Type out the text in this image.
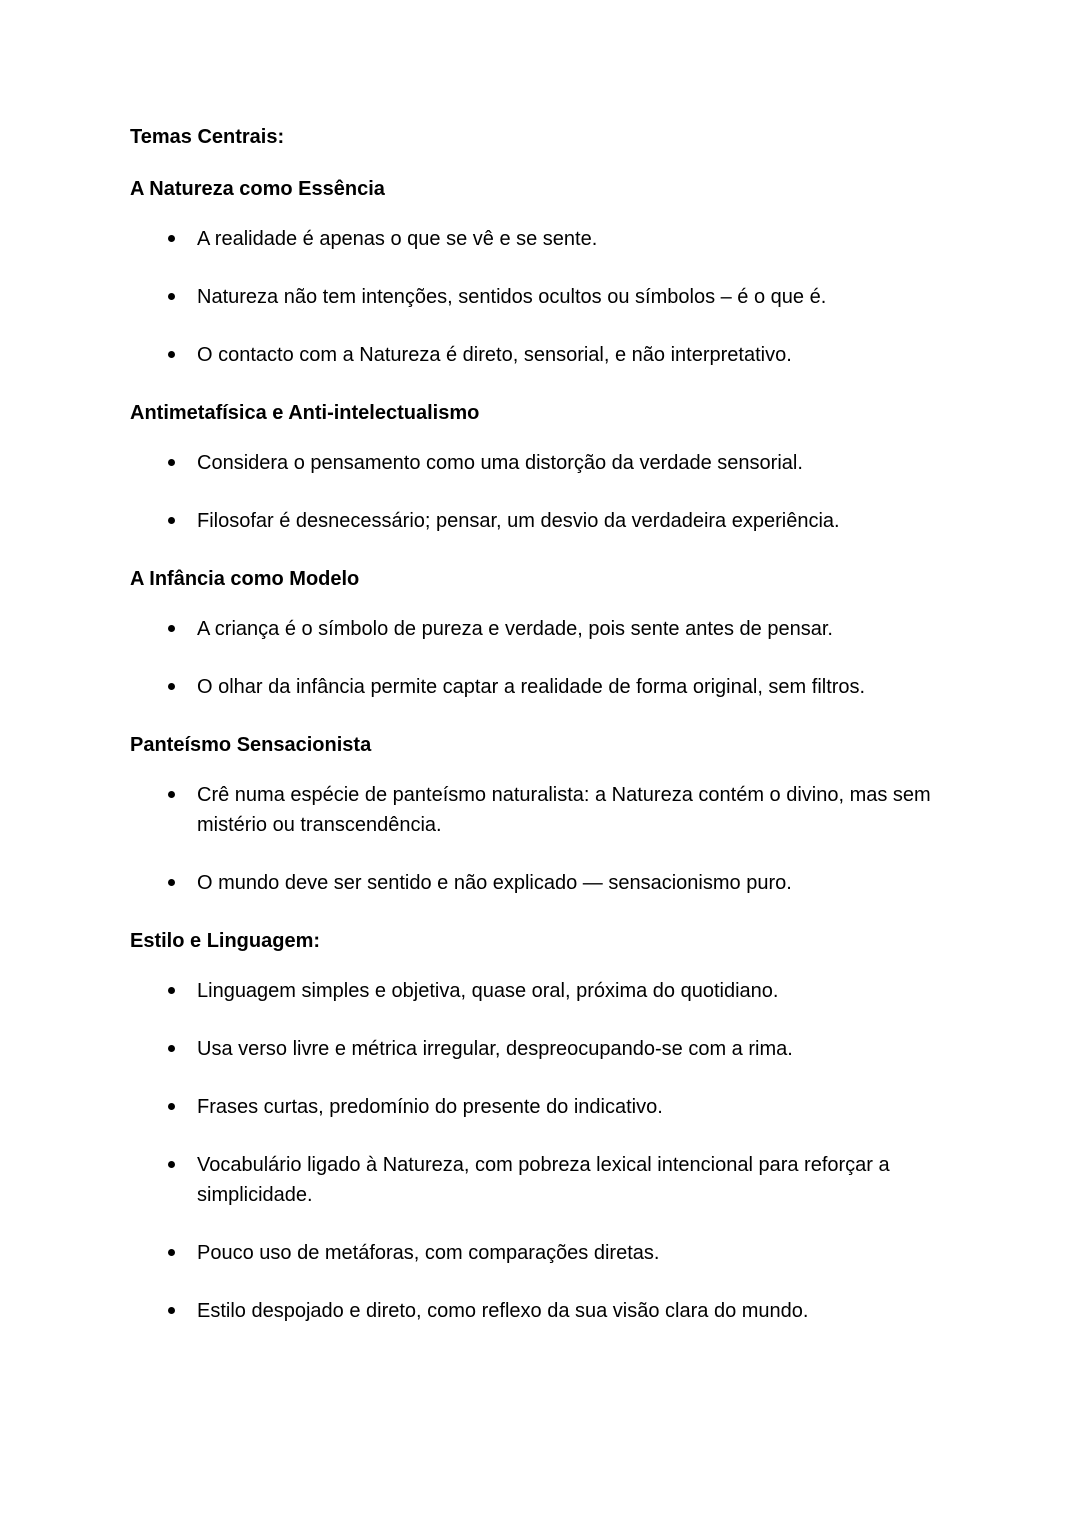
Temas Centrais:
A Natureza como Essência
A realidade é apenas o que se vê e se sente.
Natureza não tem intenções, sentidos ocultos ou símbolos – é o que é.
O contacto com a Natureza é direto, sensorial, e não interpretativo.
Antimetafísica e Anti-intelectualismo
Considera o pensamento como uma distorção da verdade sensorial.
Filosofar é desnecessário; pensar, um desvio da verdadeira experiência.
A Infância como Modelo
A criança é o símbolo de pureza e verdade, pois sente antes de pensar.
O olhar da infância permite captar a realidade de forma original, sem filtros.
Panteísmo Sensacionista
Crê numa espécie de panteísmo naturalista: a Natureza contém o divino, mas sem mistério ou transcendência.
O mundo deve ser sentido e não explicado — sensacionismo puro.
Estilo e Linguagem:
Linguagem simples e objetiva, quase oral, próxima do quotidiano.
Usa verso livre e métrica irregular, despreocupando-se com a rima.
Frases curtas, predomínio do presente do indicativo.
Vocabulário ligado à Natureza, com pobreza lexical intencional para reforçar a simplicidade.
Pouco uso de metáforas, com comparações diretas.
Estilo despojado e direto, como reflexo da sua visão clara do mundo.
